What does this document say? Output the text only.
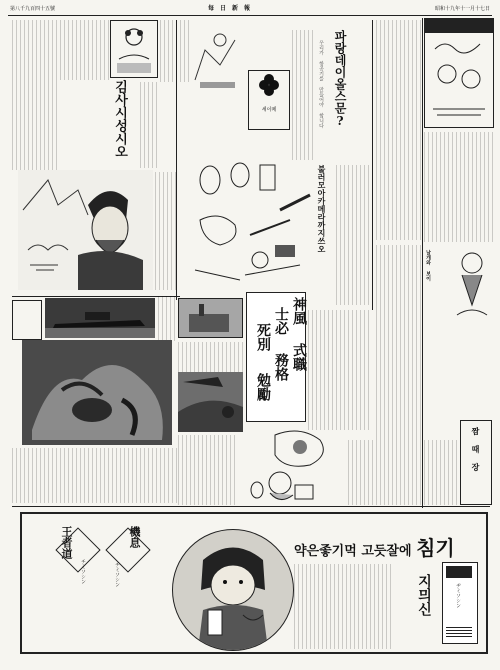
第八千九百四十五號	每日新報	昭和十九年十一月十七日
김사시성시오	세이떼	파랑데이올스문?
우리가 항공기를 만들어야 합니다
날개와 보이
불러모아카메라까지쓰오
神風
士必
死別
式職
務格
勉勵
짬 때 장
王者道
チミソシン
機息
チミソシン
약은좋기먹 고듯잘에 침기
지믜신	ヂミソシン
